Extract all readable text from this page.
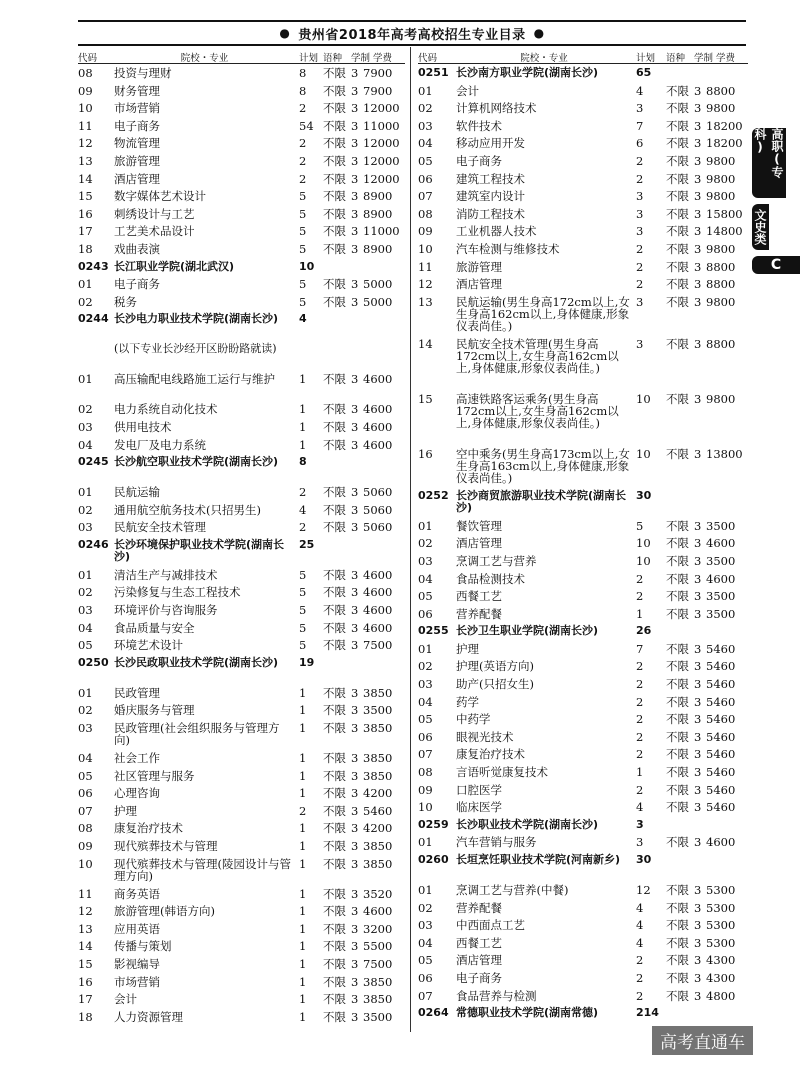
● 贵州省2018年高考高校招生专业目录 ●
代码	院校・专业	计划 语种 学制 学费
08	投资与理财	8	不限 3 7900
09	财务管理	8	不限 3 7900
10	市场营销	2	不限 3 12000
11	电子商务	54 不限 3 11000
12	物流管理	2	不限 3 12000
13	旅游管理	2	不限 3 12000
14	酒店管理	2	不限 3 12000
15	数字媒体艺术设计	5	不限 3 8900
16	刺绣设计与工艺	5	不限 3 8900
17	工艺美术品设计	5	不限 3 11000
18	戏曲表演	5	不限 3 8900
0243 长江职业学院(湖北武汉)	10
01	电子商务	5	不限 3 5000
02	税务	5	不限 3 5000
0244 长沙电力职业技术学院(湖南长沙)	4
(以下专业长沙经开区盼盼路就读)
01	高压输配电线路施工运行与维护	1	不限 3 4600
02	电力系统自动化技术	1	不限 3 4600
03	供用电技术	1	不限 3 4600
04	发电厂及电力系统	1	不限 3 4600
0245 长沙航空职业技术学院(湖南长沙)	8
01	民航运输	2	不限 3 5060
02	通用航空航务技术(只招男生)	4	不限 3 5060
03	民航安全技术管理	2	不限 3 5060
0246 长沙环境保护职业技术学院(湖南长沙)
25
01	清洁生产与减排技术	5	不限 3 4600
02	污染修复与生态工程技术	5	不限 3 4600
03	环境评价与咨询服务	5	不限 3 4600
04	食品质量与安全	5	不限 3 4600
05	环境艺术设计	5	不限 3 7500
0250 长沙民政职业技术学院(湖南长沙)	19
01	民政管理	1	不限 3 3850
02	婚庆服务与管理	1	不限 3 3500
03	民政管理(社会组织服务与管理方向)
1	不限 3 3850
04	社会工作	1	不限 3 3850
05	社区管理与服务	1	不限 3 3850
06	心理咨询	1	不限 3 4200
07	护理	2	不限 3 5460
08	康复治疗技术	1	不限 3 4200
09	现代殡葬技术与管理	1	不限 3 3850
10	现代殡葬技术与管理(陵园设计与管理方向)
1	不限 3 3850
11	商务英语	1	不限 3 3520
12	旅游管理(韩语方向)	1	不限 3 4600
13	应用英语	1	不限 3 3200
14	传播与策划	1	不限 3 5500
15	影视编导	1	不限 3 7500
16	市场营销	1	不限 3 3850
17	会计	1	不限 3 3850
18	人力资源管理	1	不限 3 3500
代码	院校・专业	计划	语种 学制 学费
0251 长沙南方职业学院(湖南长沙)	65
01	会计	4	不限 3 8800
02	计算机网络技术	3	不限 3 9800
03	软件技术	7	不限 3 18200
04	移动应用开发	6	不限 3 18200
05	电子商务	2	不限 3 9800
06	建筑工程技术	2	不限 3 9800
07	建筑室内设计	3	不限 3 9800
08	消防工程技术	3	不限 3 15800
09	工业机器人技术	3	不限 3 14800
10	汽车检测与维修技术	2	不限 3 9800
11	旅游管理	2	不限 3 8800
12	酒店管理	2	不限 3 8800
13	民航运输(男生身高172cm以上,女生身高162cm以上,身体健康,形象仪表尚佳。)
3	不限 3 9800
14	民航安全技术管理(男生身高172cm以上,女生身高162cm以上,身体健康,形象仪表尚佳。)
3	不限 3 8800
15	高速铁路客运乘务(男生身高172cm以上,女生身高162cm以上,身体健康,形象仪表尚佳。)
10	不限 3 9800
16	空中乘务(男生身高173cm以上,女生身高163cm以上,身体健康,形象仪表尚佳。)
10	不限 3 13800
0252 长沙商贸旅游职业技术学院(湖南长沙)
30
01	餐饮管理	5	不限 3 3500
02	酒店管理	10	不限 3 4600
03	烹调工艺与营养	10	不限 3 3500
04	食品检测技术	2	不限 3 4600
05	西餐工艺	2	不限 3 3500
06	营养配餐	1	不限 3 3500
0255 长沙卫生职业学院(湖南长沙)	26
01	护理	7	不限 3 5460
02	护理(英语方向)	2	不限 3 5460
03	助产(只招女生)	2	不限 3 5460
04	药学	2	不限 3 5460
05	中药学	2	不限 3 5460
06	眼视光技术	2	不限 3 5460
07	康复治疗技术	2	不限 3 5460
08	言语听觉康复技术	1	不限 3 5460
09	口腔医学	2	不限 3 5460
10	临床医学	4	不限 3 5460
0259 长沙职业技术学院(湖南长沙)	3
01	汽车营销与服务	3	不限 3 4600
0260 长垣烹饪职业技术学院(河南新乡)	30
01	烹调工艺与营养(中餐)	12	不限 3 5300
02	营养配餐	4	不限 3 5300
03	中西面点工艺	4	不限 3 5300
04	西餐工艺	4	不限 3 5300
05	酒店管理	2	不限 3 4300
06	电子商务	2	不限 3 4300
07	食品营养与检测	2	不限 3 4800
0264 常德职业技术学院(湖南常德)	214
高职(专科)
文史类
C
高考直通车
